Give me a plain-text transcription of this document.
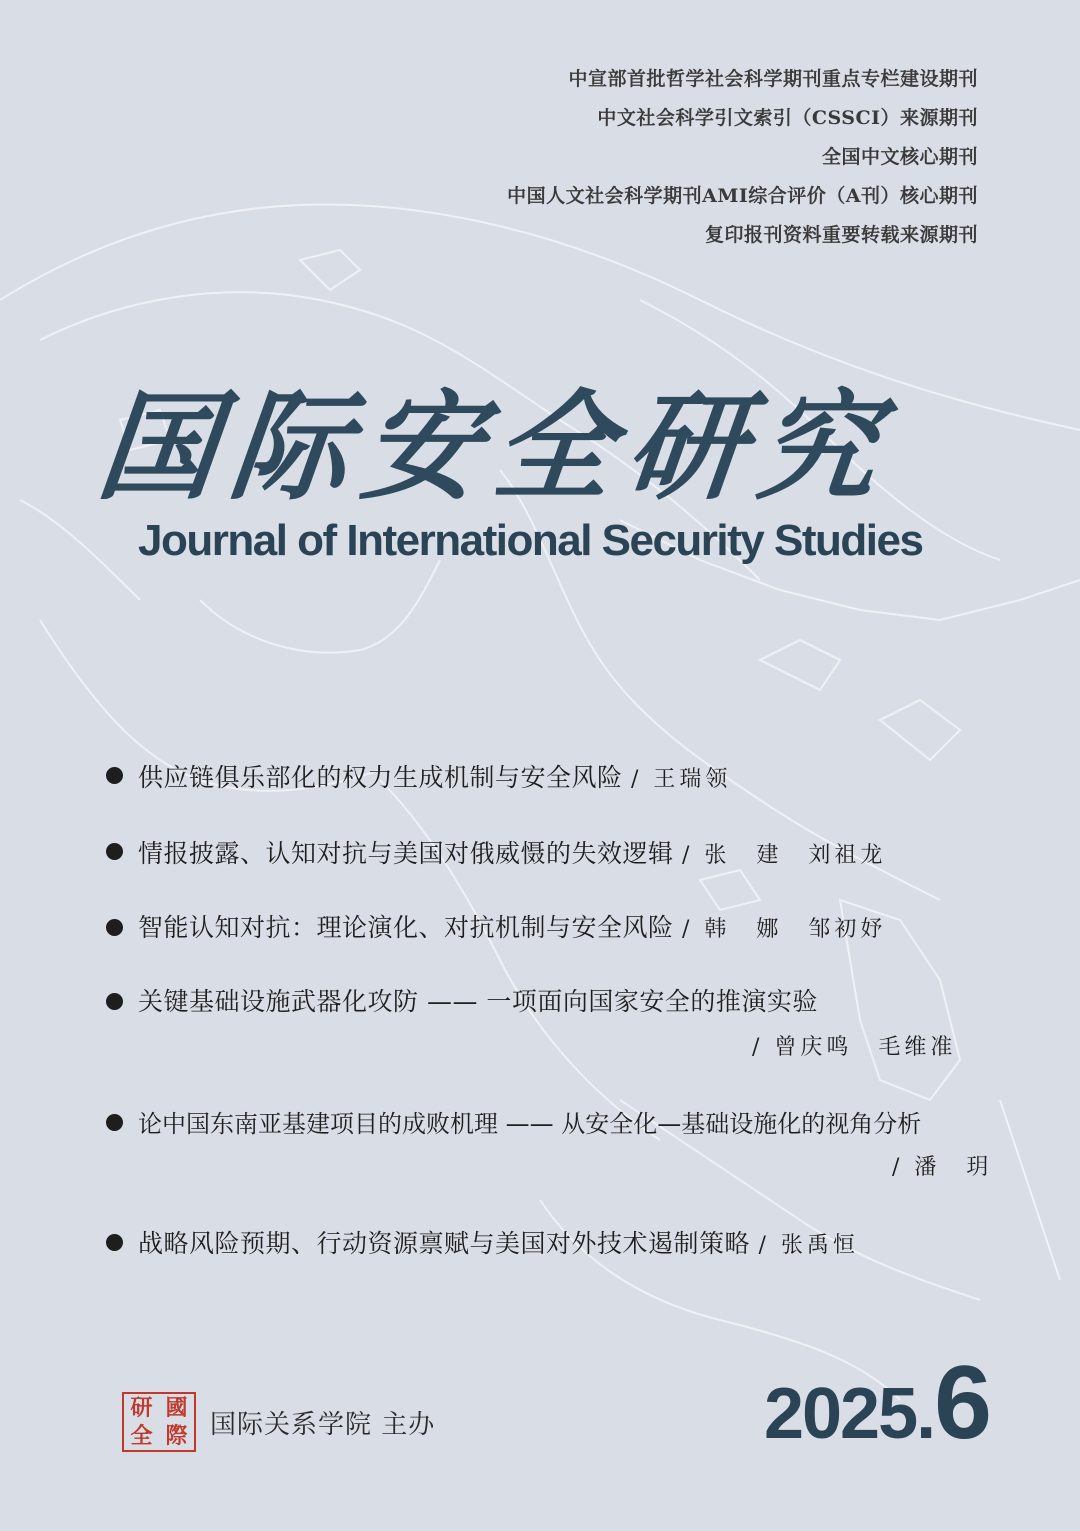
中宣部首批哲学社会科学期刊重点专栏建设期刊
中文社会科学引文索引（CSSCI）来源期刊
全国中文核心期刊
中国人文社会科学期刊AMI综合评价（A刊）核心期刊
复印报刊资料重要转载来源期刊
国际安全研究
Journal of International Security Studies
供应链俱乐部化的权力生成机制与安全风险 / 王瑞领
情报披露、认知对抗与美国对俄威慑的失效逻辑 / 张　建　刘祖龙
智能认知对抗：理论演化、对抗机制与安全风险 / 韩　娜　邹初妤
关键基础设施武器化攻防 —— 一项面向国家安全的推演实验
/ 曾庆鸣　毛维准
论中国东南亚基建项目的成败机理 —— 从安全化—基础设施化的视角分析
/ 潘　玥
战略风险预期、行动资源禀赋与美国对外技术遏制策略 / 张禹恒
研 國
全 際 国际关系学院 主办	2025.6
